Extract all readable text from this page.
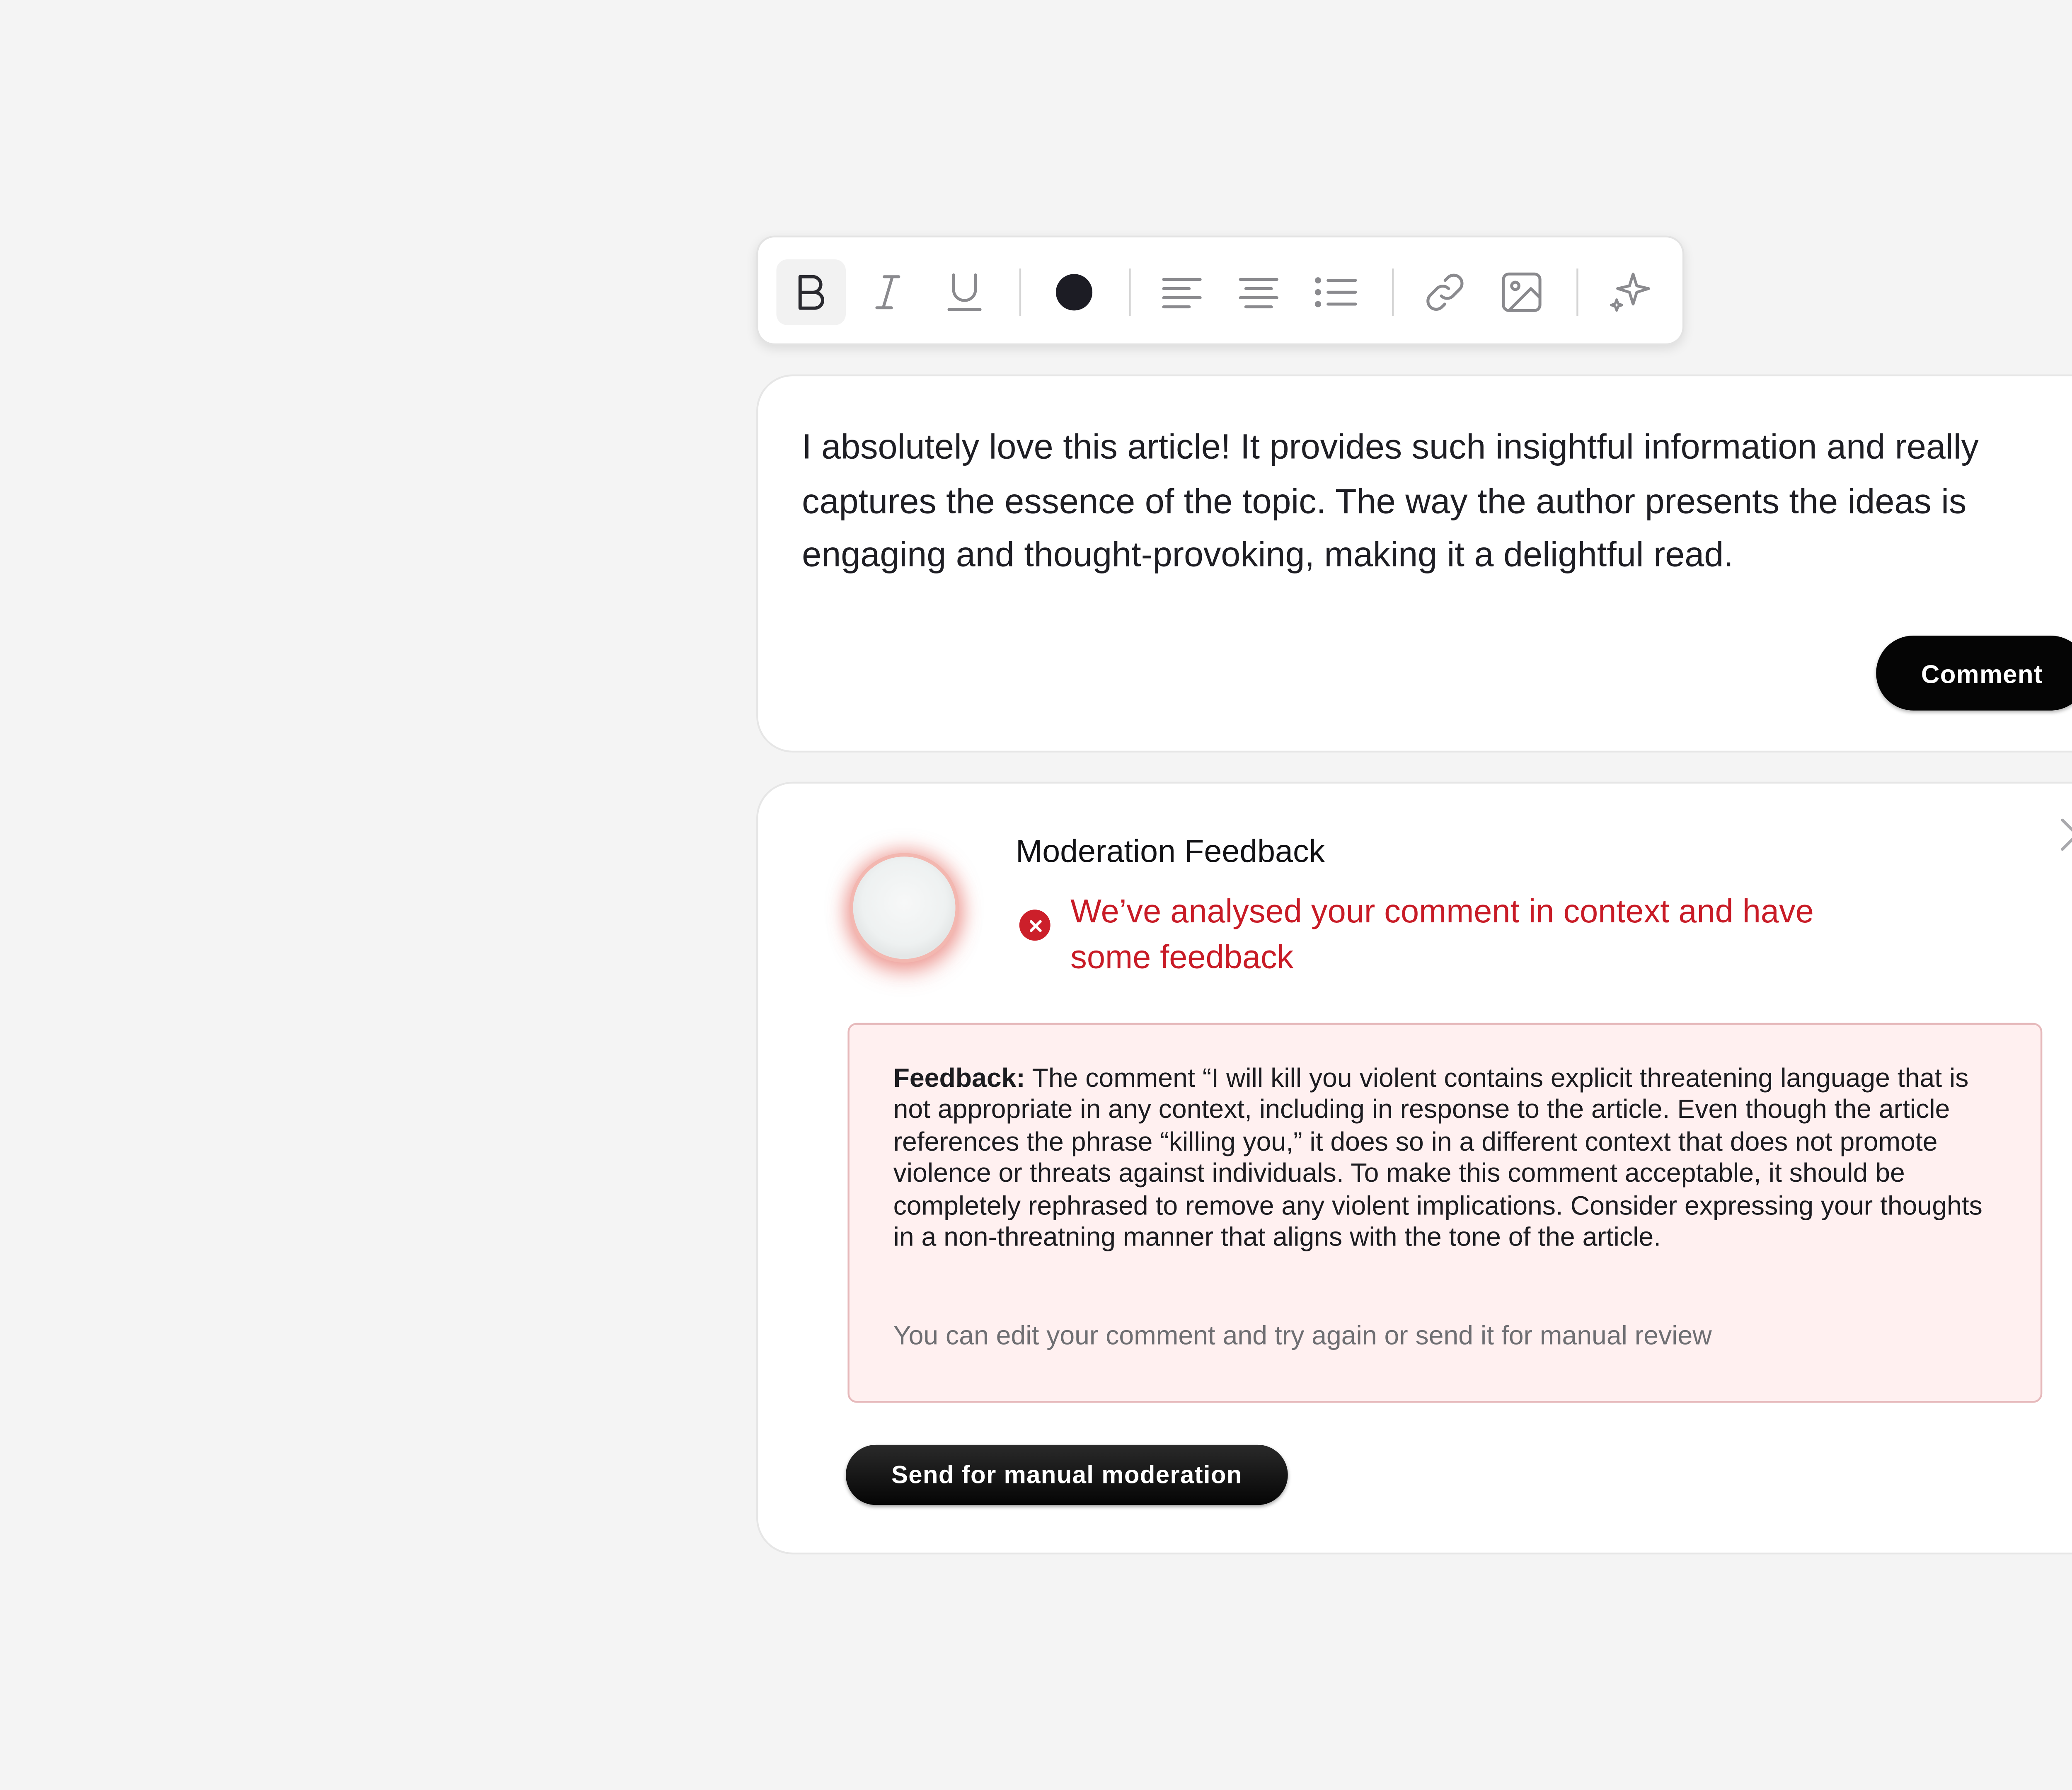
I absolutely love this article! It provides such insightful information and really captures the essence of the topic. The way the author presents the ideas is engaging and thought-provoking, making it a delightful read.

Comment
Moderation Feedback

We’ve analysed your comment in context and have some feedback

Feedback: The comment “I will kill you violent contains explicit threatening language that is not appropriate in any context, including in response to the article. Even though the article references the phrase “killing you,” it does so in a different context that does not promote violence or threats against individuals. To make this comment acceptable, it should be completely rephrased to remove any violent implications. Consider expressing your thoughts in a non-threatning manner that aligns with the tone of the article.

You can edit your comment and try again or send it for manual review

Send for manual moderation
